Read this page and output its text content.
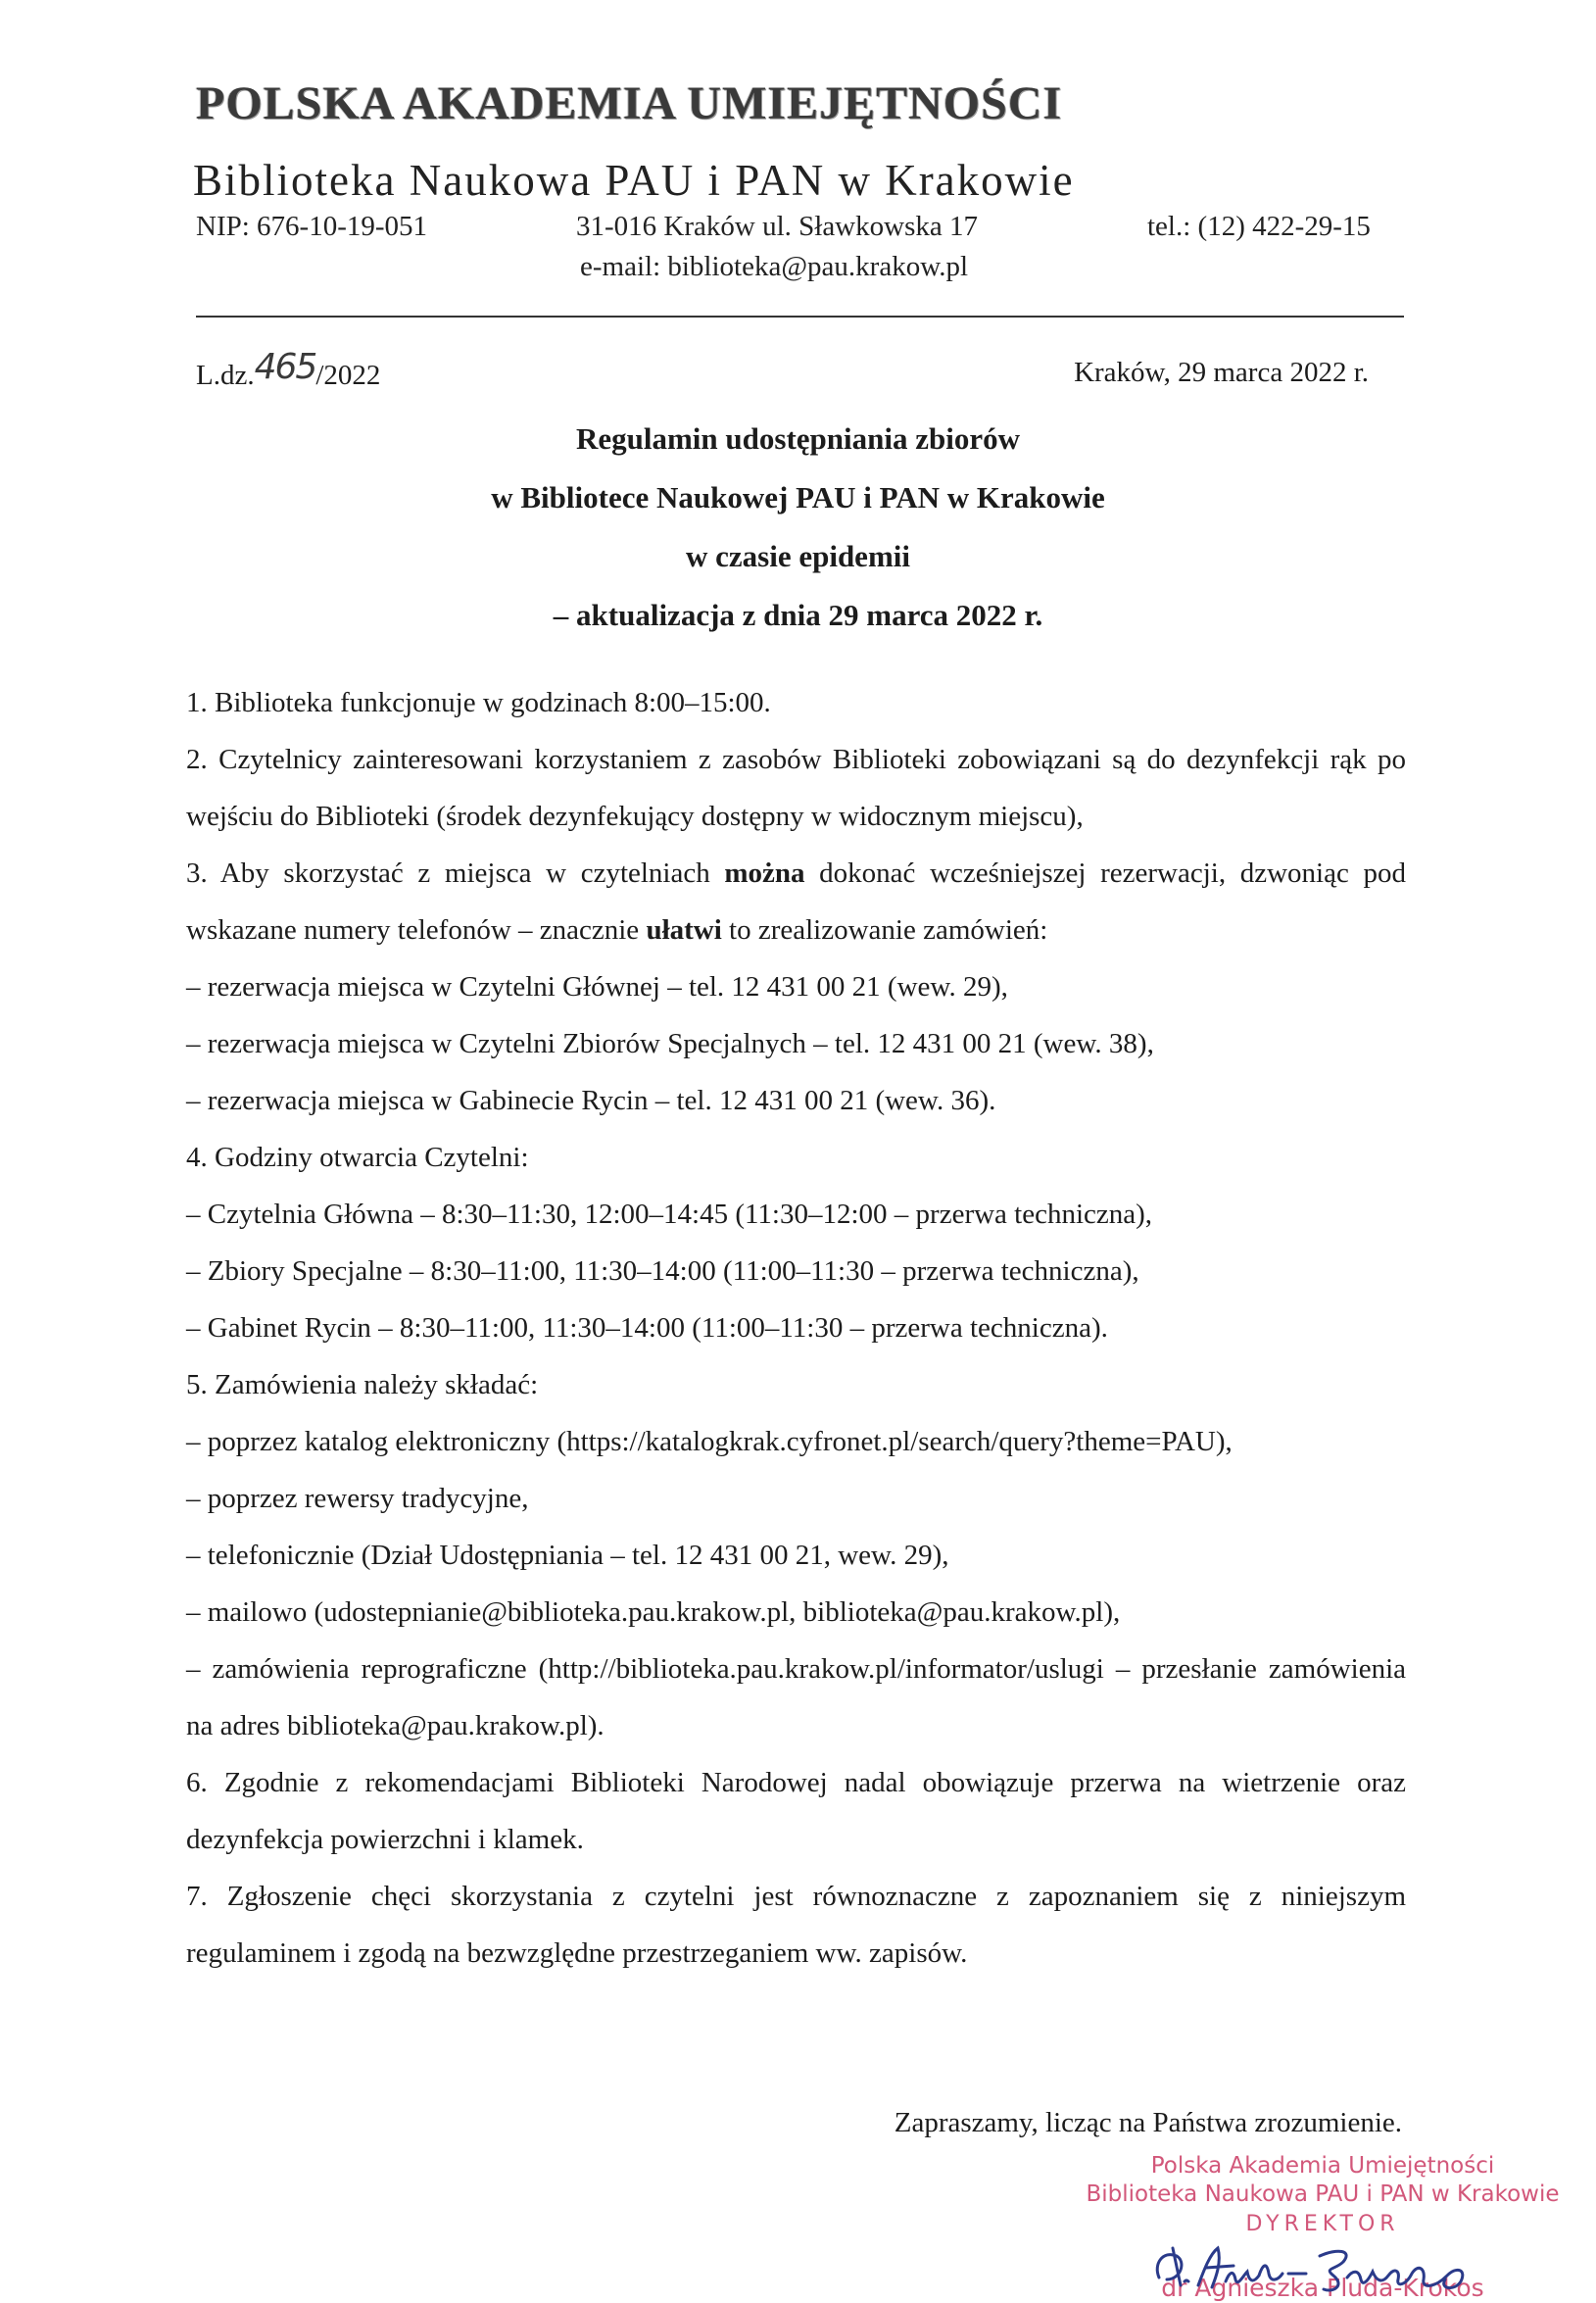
POLSKA AKADEMIA UMIEJĘTNOŚCI
Biblioteka Naukowa PAU i PAN w Krakowie
NIP: 676-10-19-051	31-016 Kraków ul. Sławkowska 17	tel.: (12) 422-29-15
e-mail: biblioteka@pau.krakow.pl
L.dz.465/2022	Kraków, 29 marca 2022 r.
Regulamin udostępniania zbiorów
w Bibliotece Naukowej PAU i PAN w Krakowie
w czasie epidemii
– aktualizacja z dnia 29 marca 2022 r.
1. Biblioteka funkcjonuje w godzinach 8:00–15:00.
2. Czytelnicy zainteresowani korzystaniem z zasobów Biblioteki zobowiązani są do dezynfekcji rąk po wejściu do Biblioteki (środek dezynfekujący dostępny w widocznym miejscu),
3. Aby skorzystać z miejsca w czytelniach można dokonać wcześniejszej rezerwacji, dzwoniąc pod wskazane numery telefonów – znacznie ułatwi to zrealizowanie zamówień:
– rezerwacja miejsca w Czytelni Głównej – tel. 12 431 00 21 (wew. 29),
– rezerwacja miejsca w Czytelni Zbiorów Specjalnych – tel. 12 431 00 21 (wew. 38),
– rezerwacja miejsca w Gabinecie Rycin – tel. 12 431 00 21 (wew. 36).
4. Godziny otwarcia Czytelni:
– Czytelnia Główna – 8:30–11:30, 12:00–14:45 (11:30–12:00 – przerwa techniczna),
– Zbiory Specjalne – 8:30–11:00, 11:30–14:00 (11:00–11:30 – przerwa techniczna),
– Gabinet Rycin – 8:30–11:00, 11:30–14:00 (11:00–11:30 – przerwa techniczna).
5. Zamówienia należy składać:
– poprzez katalog elektroniczny (https://katalogkrak.cyfronet.pl/search/query?theme=PAU),
– poprzez rewersy tradycyjne,
– telefonicznie (Dział Udostępniania – tel. 12 431 00 21, wew. 29),
– mailowo (udostepnianie@biblioteka.pau.krakow.pl, biblioteka@pau.krakow.pl),
– zamówienia reprograficzne (http://biblioteka.pau.krakow.pl/informator/uslugi – przesłanie zamówienia na adres biblioteka@pau.krakow.pl).
6. Zgodnie z rekomendacjami Biblioteki Narodowej nadal obowiązuje przerwa na wietrzenie oraz dezynfekcja powierzchni i klamek.
7. Zgłoszenie chęci skorzystania z czytelni jest równoznaczne z zapoznaniem się z niniejszym regulaminem i zgodą na bezwzględne przestrzeganiem ww. zapisów.
Zapraszamy, licząc na Państwa zrozumienie.
Polska Akademia Umiejętności
Biblioteka Naukowa PAU i PAN w Krakowie
DYREKTOR
dr Agnieszka Fluda-Krokos
